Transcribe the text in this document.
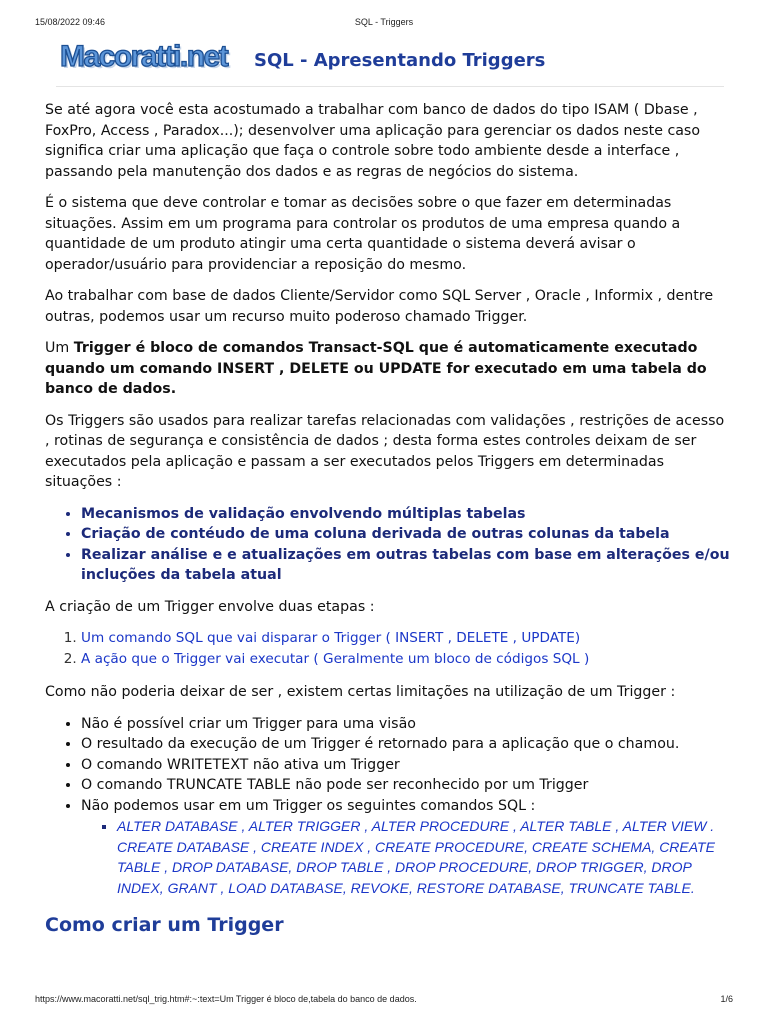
15/08/2022 09:46	SQL - Triggers
Macoratti.net SQL - Apresentando Triggers

Se até agora você esta acostumado a trabalhar com banco de dados do tipo ISAM ( Dbase , FoxPro, Access , Paradox...); desenvolver uma aplicação para gerenciar os dados neste caso significa criar uma aplicação que faça o controle sobre todo ambiente desde a interface , passando pela manutenção dos dados e as regras de negócios do sistema.

É o sistema que deve controlar e tomar as decisões sobre o que fazer em determinadas situações. Assim em um programa para controlar os produtos de uma empresa quando a quantidade de um produto atingir uma certa quantidade o sistema deverá avisar o operador/usuário para providenciar a reposição do mesmo.

Ao trabalhar com base de dados Cliente/Servidor como SQL Server , Oracle , Informix , dentre outras, podemos usar um recurso muito poderoso chamado Trigger.

Um Trigger é bloco de comandos Transact-SQL que é automaticamente executado quando um comando INSERT , DELETE ou UPDATE for executado em uma tabela do banco de dados.

Os Triggers são usados para realizar tarefas relacionadas com validações , restrições de acesso , rotinas de segurança e consistência de dados ; desta forma estes controles deixam de ser executados pela aplicação e passam a ser executados pelos Triggers em determinadas situações :

• Mecanismos de validação envolvendo múltiplas tabelas
• Criação de contéudo de uma coluna derivada de outras colunas da tabela
• Realizar análise e e atualizações em outras tabelas com base em alterações e/ou incluções da tabela atual

A criação de um Trigger envolve duas etapas :

1. Um comando SQL que vai disparar o Trigger ( INSERT , DELETE , UPDATE)
2. A ação que o Trigger vai executar ( Geralmente um bloco de códigos SQL )

Como não poderia deixar de ser , existem certas limitações na utilização de um Trigger :

• Não é possível criar um Trigger para uma visão
• O resultado da execução de um Trigger é retornado para a aplicação que o chamou.
• O comando WRITETEXT não ativa um Trigger
• O comando TRUNCATE TABLE não pode ser reconhecido por um Trigger
• Não podemos usar em um Trigger os seguintes comandos SQL :
▪ ALTER DATABASE , ALTER TRIGGER , ALTER PROCEDURE , ALTER TABLE , ALTER VIEW . CREATE DATABASE , CREATE INDEX , CREATE PROCEDURE, CREATE SCHEMA, CREATE TABLE , DROP DATABASE, DROP TABLE , DROP PROCEDURE, DROP TRIGGER, DROP INDEX, GRANT , LOAD DATABASE, REVOKE, RESTORE DATABASE, TRUNCATE TABLE.
Como criar um Trigger
https://www.macoratti.net/sql_trig.htm#:~:text=Um Trigger é bloco de,tabela do banco de dados.	1/6
